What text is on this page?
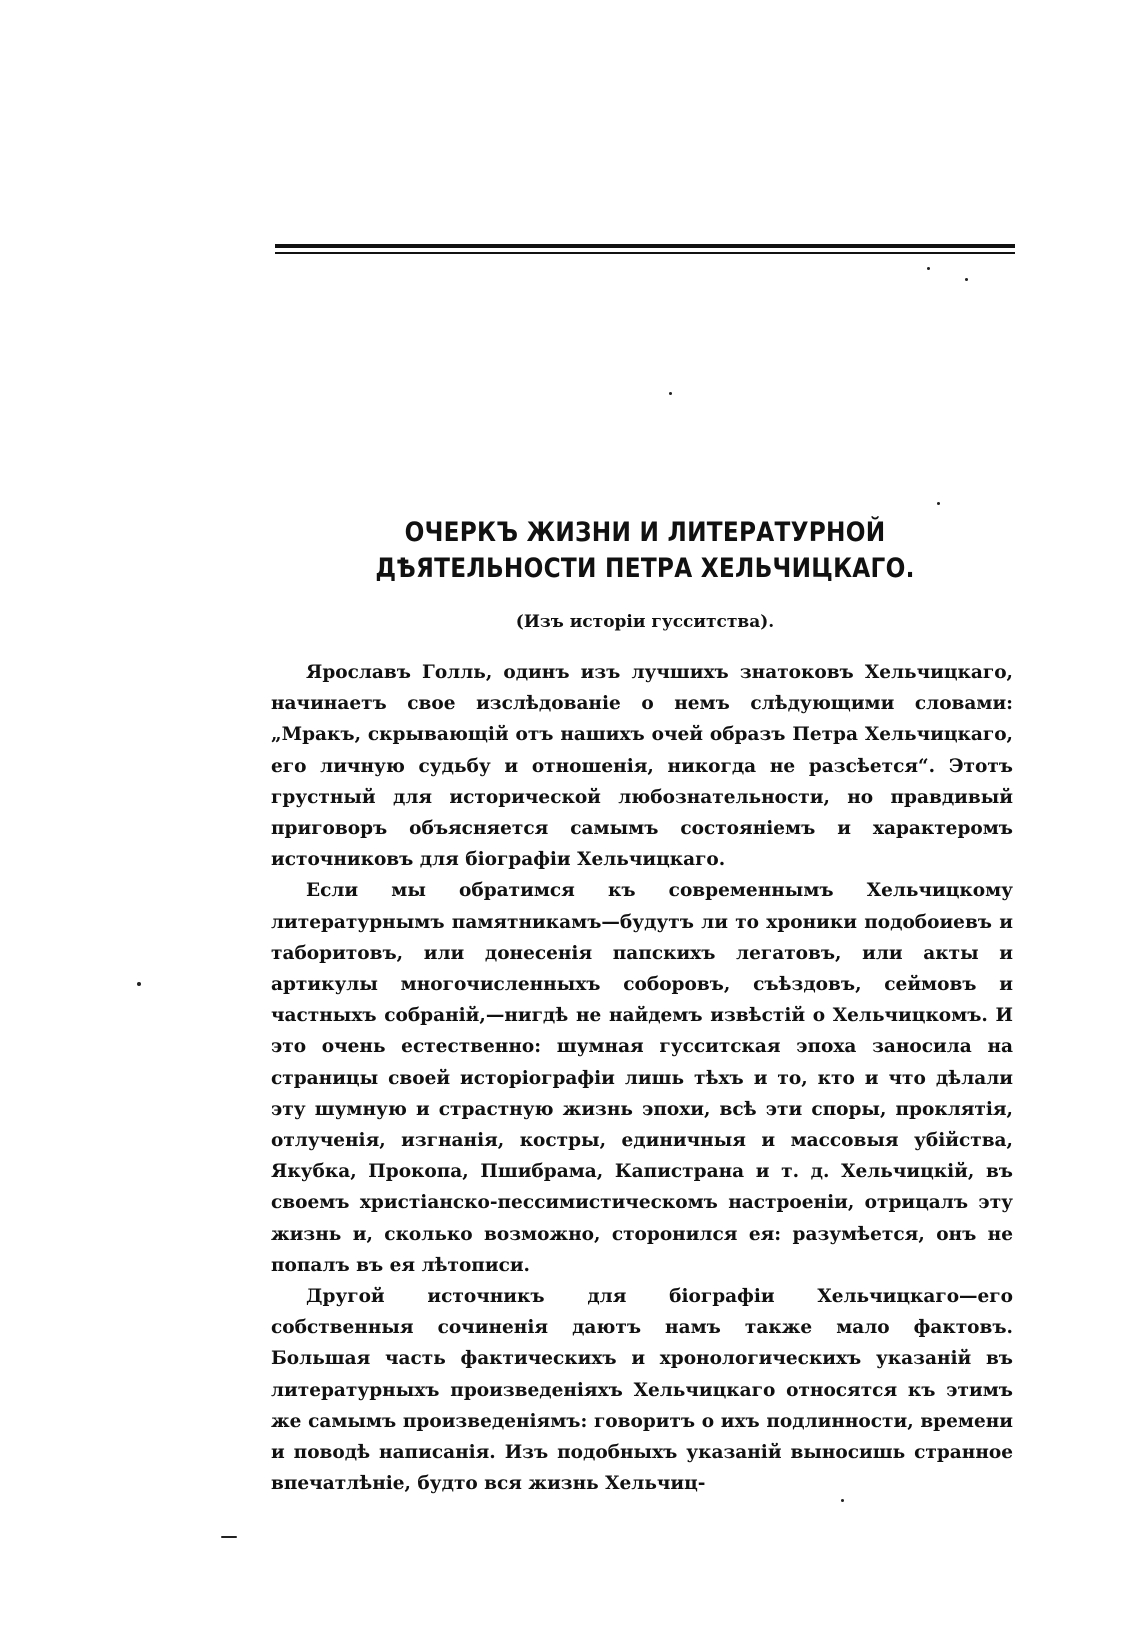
ОЧЕРКЪ ЖИЗНИ И ЛИТЕРАТУРНОЙ ДѢЯТЕЛЬНОСТИ ПЕТРА ХЕЛЬЧИЦКАГО.
(Изъ исторіи гусситства).

Ярославъ Голль, одинъ изъ лучшихъ знатоковъ Хельчицкаго, начинаетъ свое изслѣдованіе о немъ слѣдующими словами: „Мракъ, скрывающій отъ нашихъ очей образъ Петра Хельчицкаго, его личную судьбу и отношенія, никогда не разсѣется“. Этотъ грустный для исторической любознательности, но правдивый приговоръ объясняется самымъ состояніемъ и характеромъ источниковъ для біографіи Хельчицкаго.

Если мы обратимся къ современнымъ Хельчицкому литературнымъ памятникамъ—будутъ ли то хроники подобоиевъ и таборитовъ, или донесенія папскихъ легатовъ, или акты и артикулы многочисленныхъ соборовъ, съѣздовъ, сеймовъ и частныхъ собраній,—нигдѣ не найдемъ извѣстій о Хельчицкомъ. И это очень естественно: шумная гусситская эпоха заносила на страницы своей исторіографіи лишь тѣхъ и то, кто и что дѣлали эту шумную и страстную жизнь эпохи, всѣ эти споры, проклятія, отлученія, изгнанія, костры, единичныя и массовыя убійства, Якубка, Прокопа, Пшибрама, Капистрана и т. д. Хельчицкій, въ своемъ христіанско-пессимистическомъ настроеніи, отрицалъ эту жизнь и, сколько возможно, сторонился ея: разумѣется, онъ не попалъ въ ея лѣтописи.

Другой источникъ для біографіи Хельчицкаго—его собственныя сочиненія даютъ намъ также мало фактовъ. Большая часть фактическихъ и хронологическихъ указаній въ литературныхъ произведеніяхъ Хельчицкаго относятся къ этимъ же самымъ произведеніямъ: говоритъ о ихъ подлинности, времени и поводѣ написанія. Изъ подобныхъ указаній выносишь странное впечатлѣніе, будто вся жизнь Хельчиц-
